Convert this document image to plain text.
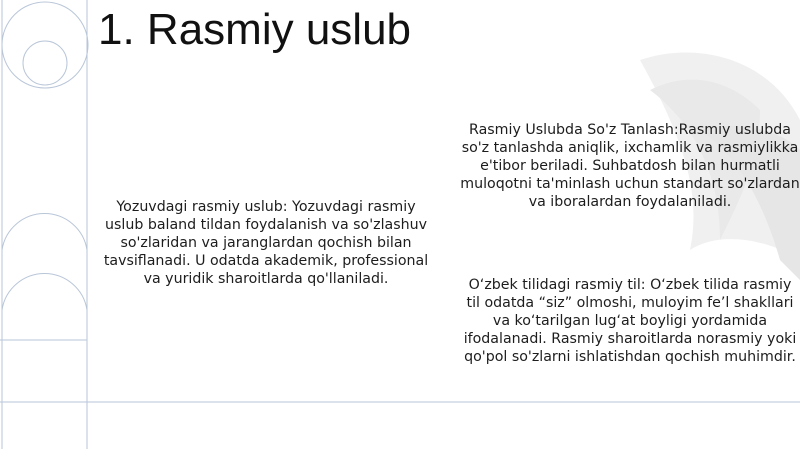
1. Rasmiy uslub
Yozuvdagi rasmiy uslub: Yozuvdagi rasmiy uslub baland tildan foydalanish va so'zlashuv so'zlaridan va jaranglardan qochish bilan tavsiflanadi. U odatda akademik, professional va yuridik sharoitlarda qo'llaniladi.
Rasmiy Uslubda So'z Tanlash:Rasmiy uslubda so'z tanlashda aniqlik, ixchamlik va rasmiylikka e'tibor beriladi. Suhbatdosh bilan hurmatli muloqotni ta'minlash uchun standart so'zlardan va iboralardan foydalaniladi.
O‘zbek tilidagi rasmiy til: O‘zbek tilida rasmiy til odatda “siz” olmoshi, muloyim fe’l shakllari va ko‘tarilgan lug‘at boyligi yordamida ifodalanadi. Rasmiy sharoitlarda norasmiy yoki qo'pol so'zlarni ishlatishdan qochish muhimdir.
